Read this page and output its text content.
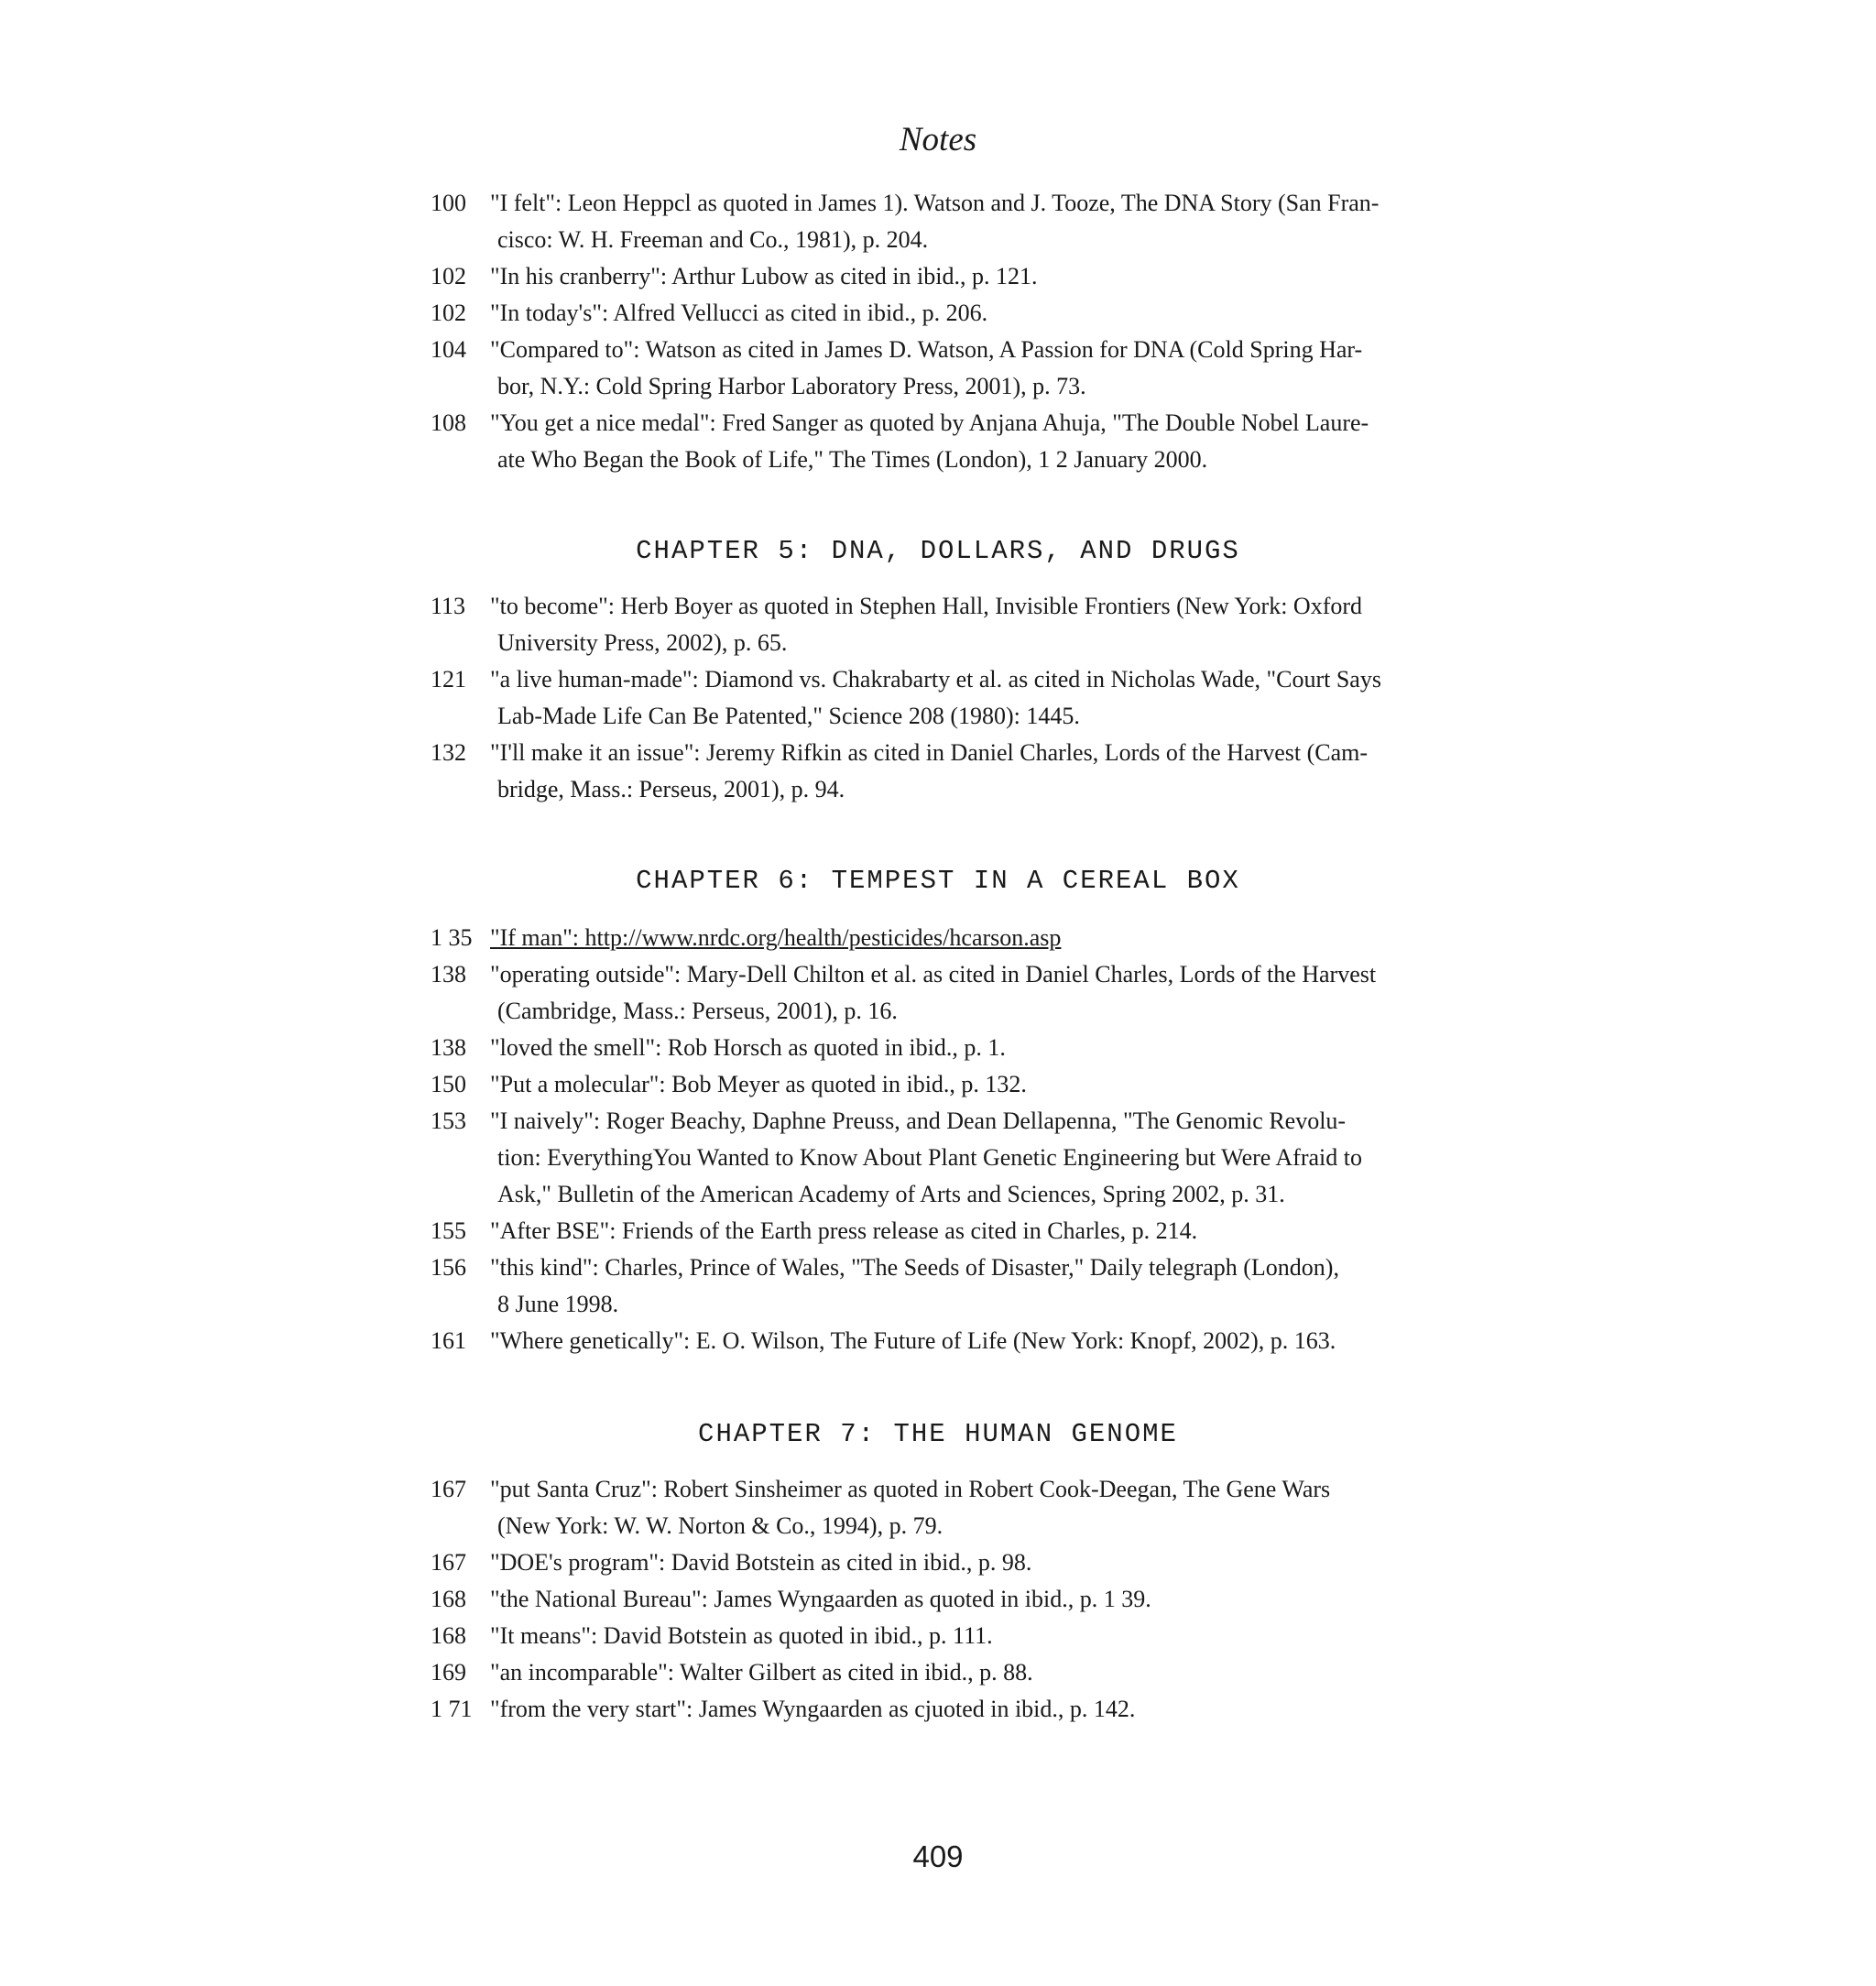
Notes
100 "I felt": Leon Heppcl as quoted in James 1). Watson and J. Tooze, The DNA Story (San Fran-
cisco: W. H. Freeman and Co., 1981), p. 204.
102 "In his cranberry": Arthur Lubow as cited in ibid., p. 121.
102 "In today's": Alfred Vellucci as cited in ibid., p. 206.
104 "Compared to": Watson as cited in James D. Watson, A Passion for DNA (Cold Spring Har-
bor, N.Y.: Cold Spring Harbor Laboratory Press, 2001), p. 73.
108 "You get a nice medal": Fred Sanger as quoted by Anjana Ahuja, "The Double Nobel Laure-
ate Who Began the Book of Life," The Times (London), 1 2 January 2000.
CHAPTER 5: DNA, DOLLARS, AND DRUGS
113 "to become": Herb Boyer as quoted in Stephen Hall, Invisible Frontiers (New York: Oxford
University Press, 2002), p. 65.
121 "a live human-made": Diamond vs. Chakrabarty et al. as cited in Nicholas Wade, "Court Says
Lab-Made Life Can Be Patented," Science 208 (1980): 1445.
132 "I'll make it an issue": Jeremy Rifkin as cited in Daniel Charles, Lords of the Harvest (Cam-
bridge, Mass.: Perseus, 2001), p. 94.
CHAPTER 6: TEMPEST IN A CEREAL BOX
1 35 "If man": http://www.nrdc.org/health/pesticides/hcarson.asp
138 "operating outside": Mary-Dell Chilton et al. as cited in Daniel Charles, Lords of the Harvest
(Cambridge, Mass.: Perseus, 2001), p. 16.
138 "loved the smell": Rob Horsch as quoted in ibid., p. 1.
150 "Put a molecular": Bob Meyer as quoted in ibid., p. 132.
153 "I naively": Roger Beachy, Daphne Preuss, and Dean Dellapenna, "The Genomic Revolu-
tion: EverythingYou Wanted to Know About Plant Genetic Engineering but Were Afraid to
Ask," Bulletin of the American Academy of Arts and Sciences, Spring 2002, p. 31.
155 "After BSE": Friends of the Earth press release as cited in Charles, p. 214.
156 "this kind": Charles, Prince of Wales, "The Seeds of Disaster," Daily telegraph (London),
8 June 1998.
161 "Where genetically": E. O. Wilson, The Future of Life (New York: Knopf, 2002), p. 163.
CHAPTER 7: THE HUMAN GENOME
167 "put Santa Cruz": Robert Sinsheimer as quoted in Robert Cook-Deegan, The Gene Wars
(New York: W. W. Norton & Co., 1994), p. 79.
167 "DOE's program": David Botstein as cited in ibid., p. 98.
168 "the National Bureau": James Wyngaarden as quoted in ibid., p. 1 39.
168 "It means": David Botstein as quoted in ibid., p. 111.
169 "an incomparable": Walter Gilbert as cited in ibid., p. 88.
1 71 "from the very start": James Wyngaarden as cjuoted in ibid., p. 142.
409
